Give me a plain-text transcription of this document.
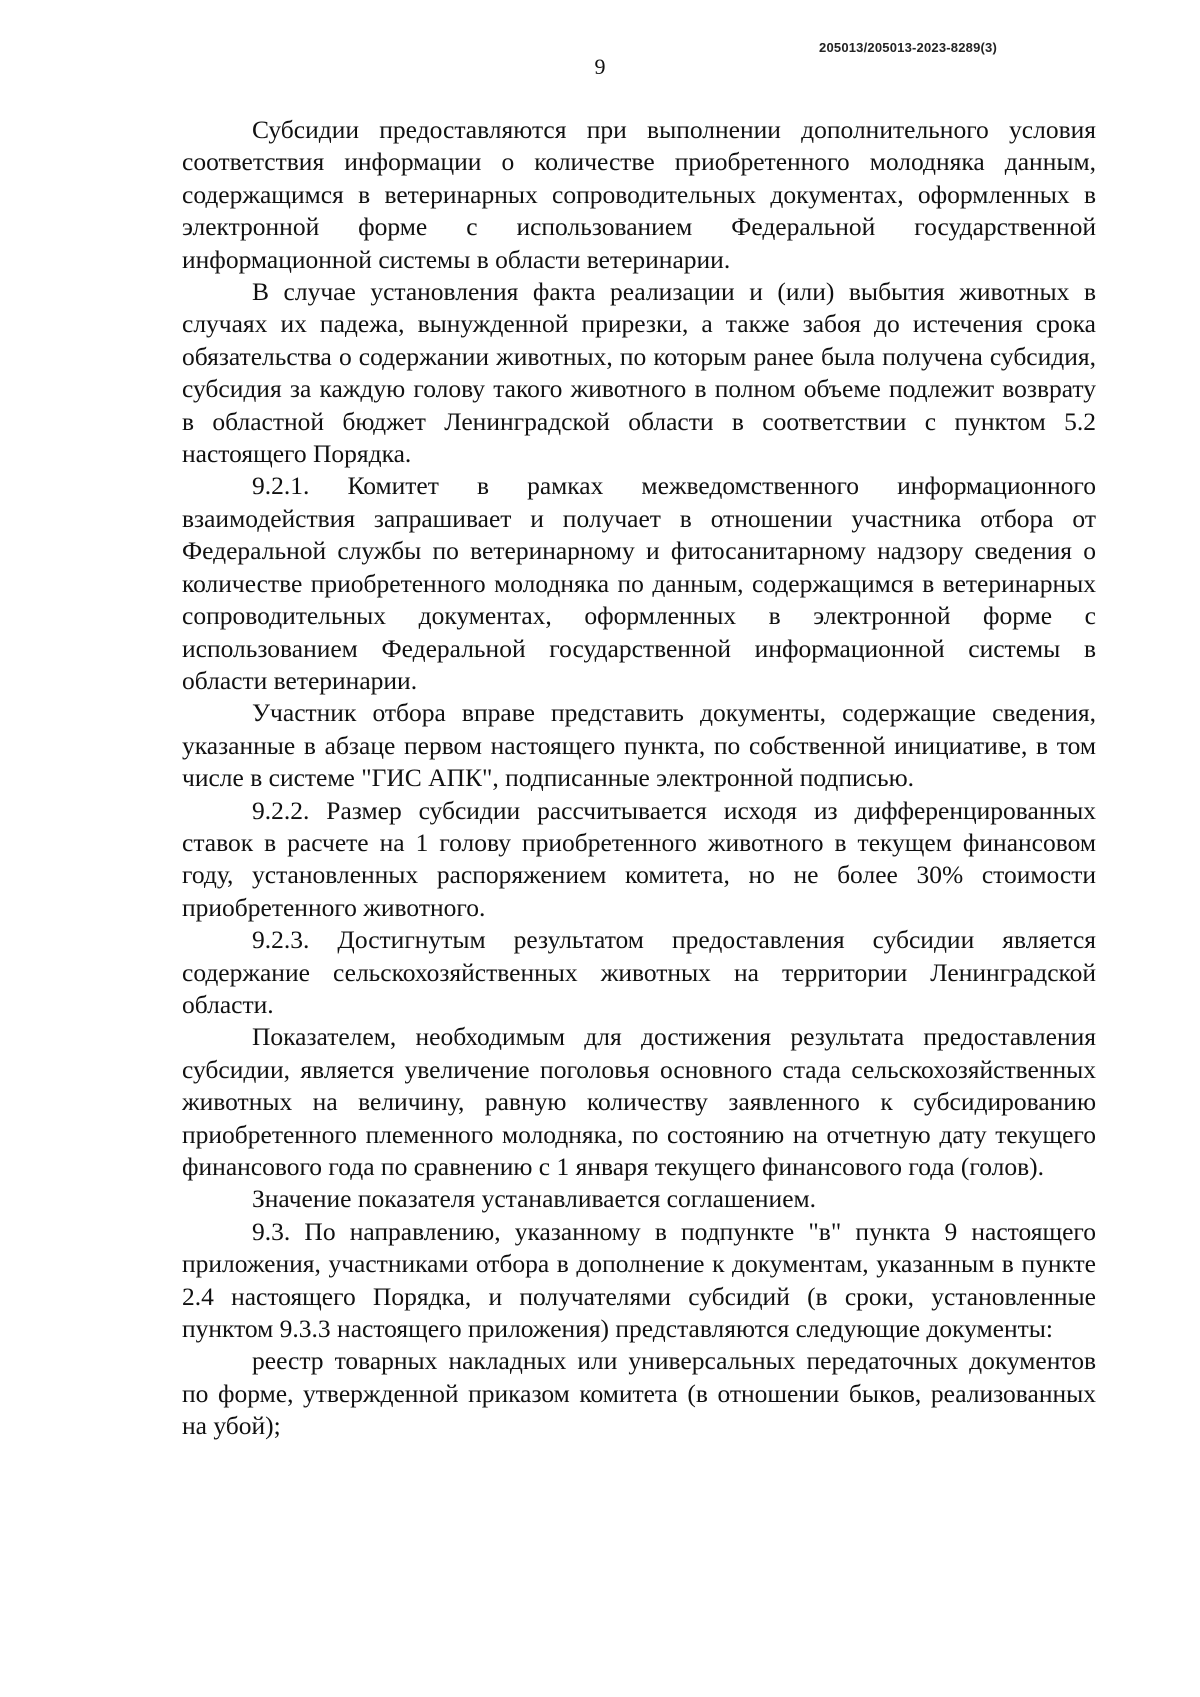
205013/205013-2023-8289(3)
9

Субсидии предоставляются при выполнении дополнительного условия соответствия информации о количестве приобретенного молодняка данным, содержащимся в ветеринарных сопроводительных документах, оформленных в электронной форме с использованием Федеральной государственной информационной системы в области ветеринарии.

В случае установления факта реализации и (или) выбытия животных в случаях их падежа, вынужденной прирезки, а также забоя до истечения срока обязательства о содержании животных, по которым ранее была получена субсидия, субсидия за каждую голову такого животного в полном объеме подлежит возврату в областной бюджет Ленинградской области в соответствии с пунктом 5.2 настоящего Порядка.

9.2.1. Комитет в рамках межведомственного информационного взаимодействия запрашивает и получает в отношении участника отбора от Федеральной службы по ветеринарному и фитосанитарному надзору сведения о количестве приобретенного молодняка по данным, содержащимся в ветеринарных сопроводительных документах, оформленных в электронной форме с использованием Федеральной государственной информационной системы в области ветеринарии.

Участник отбора вправе представить документы, содержащие сведения, указанные в абзаце первом настоящего пункта, по собственной инициативе, в том числе в системе "ГИС АПК", подписанные электронной подписью.

9.2.2. Размер субсидии рассчитывается исходя из дифференцированных ставок в расчете на 1 голову приобретенного животного в текущем финансовом году, установленных распоряжением комитета, но не более 30% стоимости приобретенного животного.

9.2.3. Достигнутым результатом предоставления субсидии является содержание сельскохозяйственных животных на территории Ленинградской области.

Показателем, необходимым для достижения результата предоставления субсидии, является увеличение поголовья основного стада сельскохозяйственных животных на величину, равную количеству заявленного к субсидированию приобретенного племенного молодняка, по состоянию на отчетную дату текущего финансового года по сравнению с 1 января текущего финансового года (голов).

Значение показателя устанавливается соглашением.

9.3. По направлению, указанному в подпункте "в" пункта 9 настоящего приложения, участниками отбора в дополнение к документам, указанным в пункте 2.4 настоящего Порядка, и получателями субсидий (в сроки, установленные пунктом 9.3.3 настоящего приложения) представляются следующие документы:

реестр товарных накладных или универсальных передаточных документов по форме, утвержденной приказом комитета (в отношении быков, реализованных на убой);
